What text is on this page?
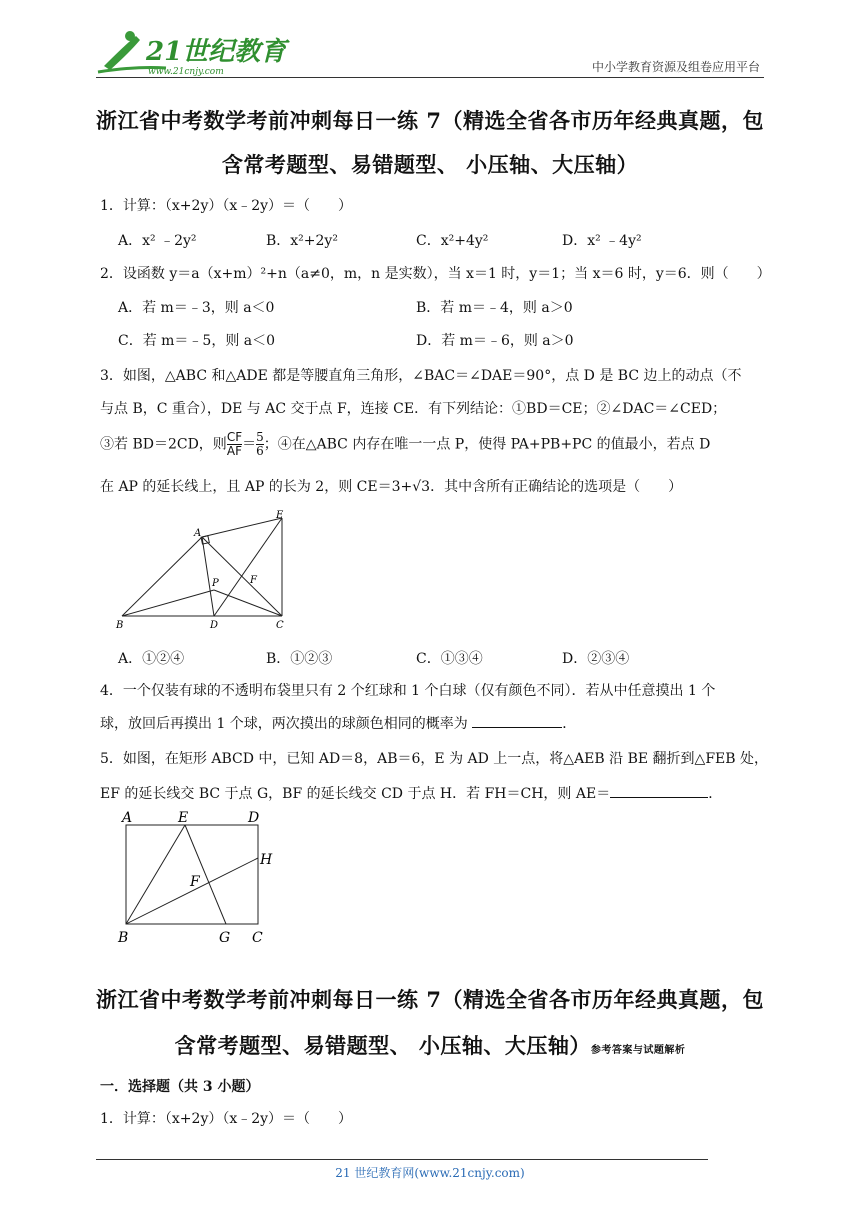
21世纪教育
www.21cnjy.com	中小学教育资源及组卷应用平台
浙江省中考数学考前冲刺每日一练 7（精选全省各市历年经典真题，包
含常考题型、易错题型、 小压轴、大压轴）
1．计算：（x+2y）（x﹣2y）＝（　　）
A．x² ﹣2y²	B．x²+2y²	C．x²+4y²	D．x² ﹣4y²
2．设函数 y＝a（x+m）²+n（a≠0，m，n 是实数），当 x＝1 时，y＝1；当 x＝6 时，y＝6．则（　　）
A．若 m＝﹣3，则 a＜0	B．若 m＝﹣4，则 a＞0
C．若 m＝﹣5，则 a＜0	D．若 m＝﹣6，则 a＞0
3．如图，△ABC 和△ADE 都是等腰直角三角形，∠BAC＝∠DAE＝90°，点 D 是 BC 边上的动点（不
与点 B，C 重合），DE 与 AC 交于点 F，连接 CE．有下列结论：①BD＝CE；②∠DAC＝∠CED；
③若 BD＝2CD，则 $\frac{CF}{AF} = \frac{5}{6}$ ；④在△ABC 内存在唯一一点 P，使得 PA+PB+PC 的值最小，若点 D
在 AP 的延长线上，且 AP 的长为 2，则 CE＝3+√3．其中含所有正确结论的选项是（　　）
A
E
B	D	C
P	F
A．①②④	B．①②③	C．①③④	D．②③④
4．一个仅装有球的不透明布袋里只有 2 个红球和 1 个白球（仅有颜色不同）．若从中任意摸出 1 个
球，放回后再摸出 1 个球，两次摸出的球颜色相同的概率为	．
5．如图，在矩形 ABCD 中，已知 AD＝8，AB＝6，E 为 AD 上一点，将△AEB 沿 BE 翻折到△FEB 处，
EF 的延长线交 BC 于点 G，BF 的延长线交 CD 于点 H．若 FH＝CH，则 AE＝	．
A	E	D
H
F
B	G C
浙江省中考数学考前冲刺每日一练 7（精选全省各市历年经典真题，包
含常考题型、易错题型、 小压轴、大压轴）参考答案与试题解析
一．选择题（共 3 小题）
1．计算：（x+2y）（x﹣2y）＝（　　）
21 世纪教育网(www.21cnjy.com)
